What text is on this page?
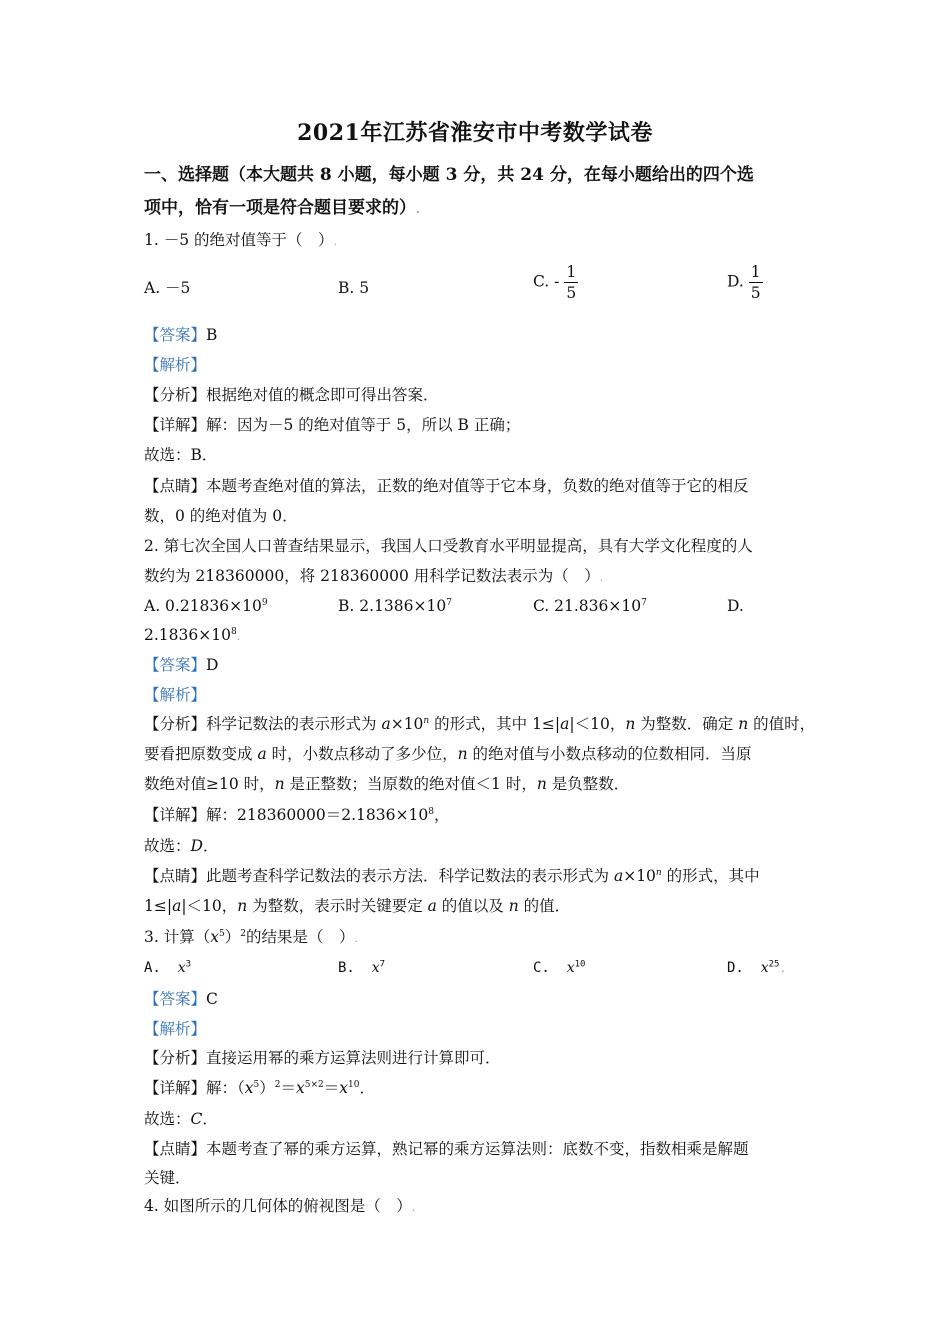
2021年江苏省淮安市中考数学试卷
一、选择题（本大题共 8 小题，每小题 3 分，共 24 分，在每小题给出的四个选
项中，恰有一项是符合题目要求的）.
1. －5 的绝对值等于（　）.
A. －5	B. 5	C. - $\frac{1}{5}$	D. $\frac{1}{5}$
【答案】B
【解析】
【分析】根据绝对值的概念即可得出答案．
【详解】解：因为－5 的绝对值等于 5，所以 B 正确；
故选：B．
【点睛】本题考查绝对值的算法，正数的绝对值等于它本身，负数的绝对值等于它的相反
数，0 的绝对值为 0．
2. 第七次全国人口普查结果显示，我国人口受教育水平明显提高，具有大学文化程度的人
数约为 218360000，将 218360000 用科学记数法表示为（　）.
A. $0.21836\times 10^9$	B. $2.1386\times 10^7$	C. $21.836\times 10^7$	D.
$2.1836\times 10^8$.
【答案】D
【解析】
【分析】科学记数法的表示形式为 $a\times 10^n$ 的形式，其中 1≤|a|＜10，n 为整数．确定 n 的值时，
要看把原数变成 a 时，小数点移动了多少位，n 的绝对值与小数点移动的位数相同．当原
数绝对值≥10 时，n 是正整数；当原数的绝对值＜1 时，n 是负整数．
【详解】解：$218360000=2.1836\times 10^8$，
故选：D．
【点睛】此题考查科学记数法的表示方法．科学记数法的表示形式为 $a\times 10^n$ 的形式，其中
1≤|a|＜10，n 为整数，表示时关键要定 a 的值以及 n 的值．
3. 计算$(x^5)^2$的结果是（　）.
A. $x^3$	B. $x^7$	C. $x^{10}$	D. $x^{25}$.
【答案】C
【解析】
【分析】直接运用幂的乘方运算法则进行计算即可．
【详解】解：$(x^5)^2=x^{5\times 2}=x^{10}$．
故选：C．
【点睛】本题考查了幂的乘方运算，熟记幂的乘方运算法则：底数不变，指数相乘是解题
关键．
4. 如图所示的几何体的俯视图是（　）.
